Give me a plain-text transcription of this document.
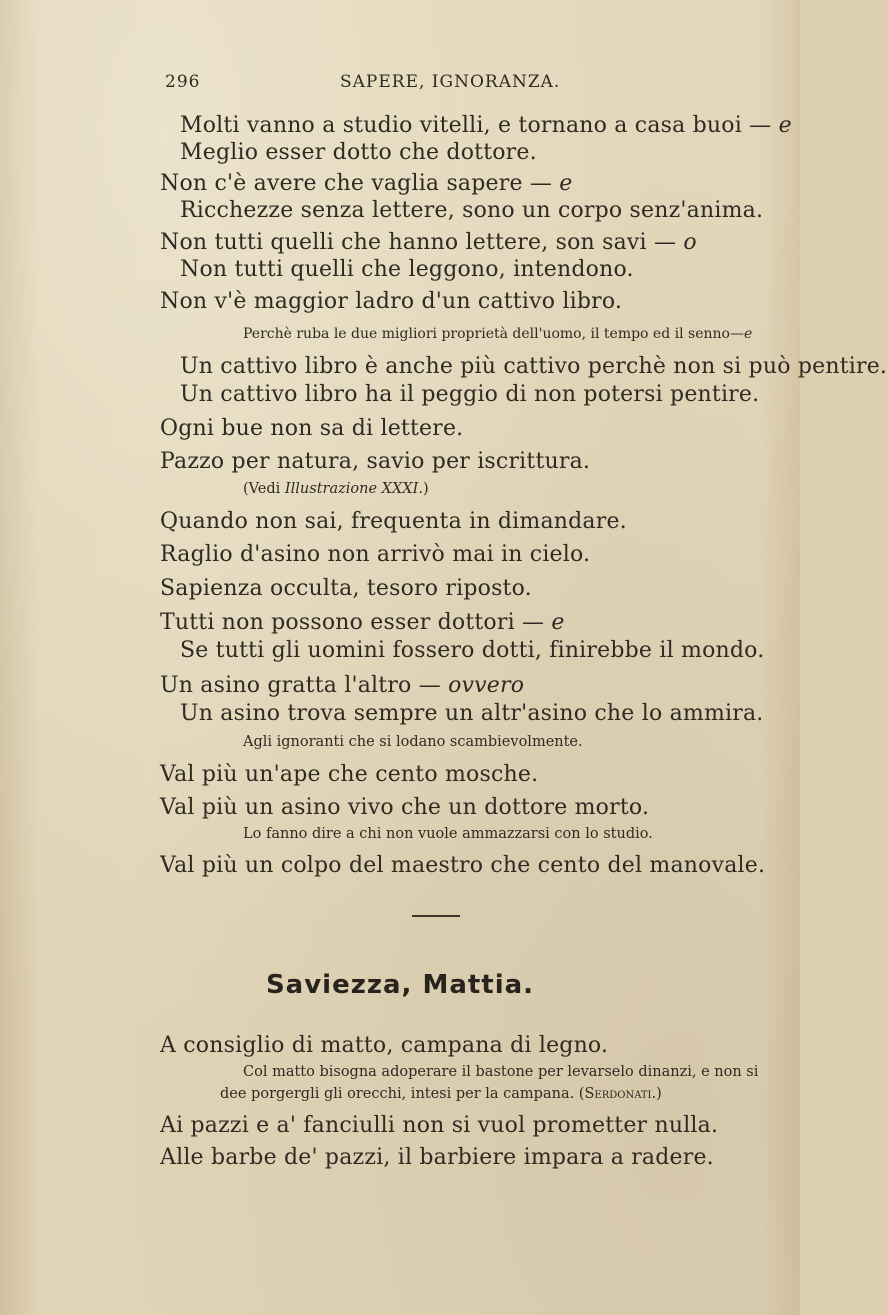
296	SAPERE, IGNORANZA.
Molti vanno a studio vitelli, e tornano a casa buoi — e
Meglio esser dotto che dottore.
Non c'è avere che vaglia sapere — e
Ricchezze senza lettere, sono un corpo senz'anima.
Non tutti quelli che hanno lettere, son savi — o
Non tutti quelli che leggono, intendono.
Non v'è maggior ladro d'un cattivo libro.
Perchè ruba le due migliori proprietà dell'uomo, il tempo ed il senno—e
Un cattivo libro è anche più cattivo perchè non si può pentire.
Un cattivo libro ha il peggio di non potersi pentire.
Ogni bue non sa di lettere.
Pazzo per natura, savio per iscrittura.
(Vedi Illustrazione XXXI.)
Quando non sai, frequenta in dimandare.
Raglio d'asino non arrivò mai in cielo.
Sapienza occulta, tesoro riposto.
Tutti non possono esser dottori — e
Se tutti gli uomini fossero dotti, finirebbe il mondo.
Un asino gratta l'altro — ovvero
Un asino trova sempre un altr'asino che lo ammira.
Agli ignoranti che si lodano scambievolmente.
Val più un'ape che cento mosche.
Val più un asino vivo che un dottore morto.
Lo fanno dire a chi non vuole ammazzarsi con lo studio.
Val più un colpo del maestro che cento del manovale.
Saviezza, Mattia.
A consiglio di matto, campana di legno.
Col matto bisogna adoperare il bastone per levarselo dinanzi, e non si
dee porgergli gli orecchi, intesi per la campana. (Serdonati.)
Ai pazzi e a' fanciulli non si vuol prometter nulla.
Alle barbe de' pazzi, il barbiere impara a radere.
